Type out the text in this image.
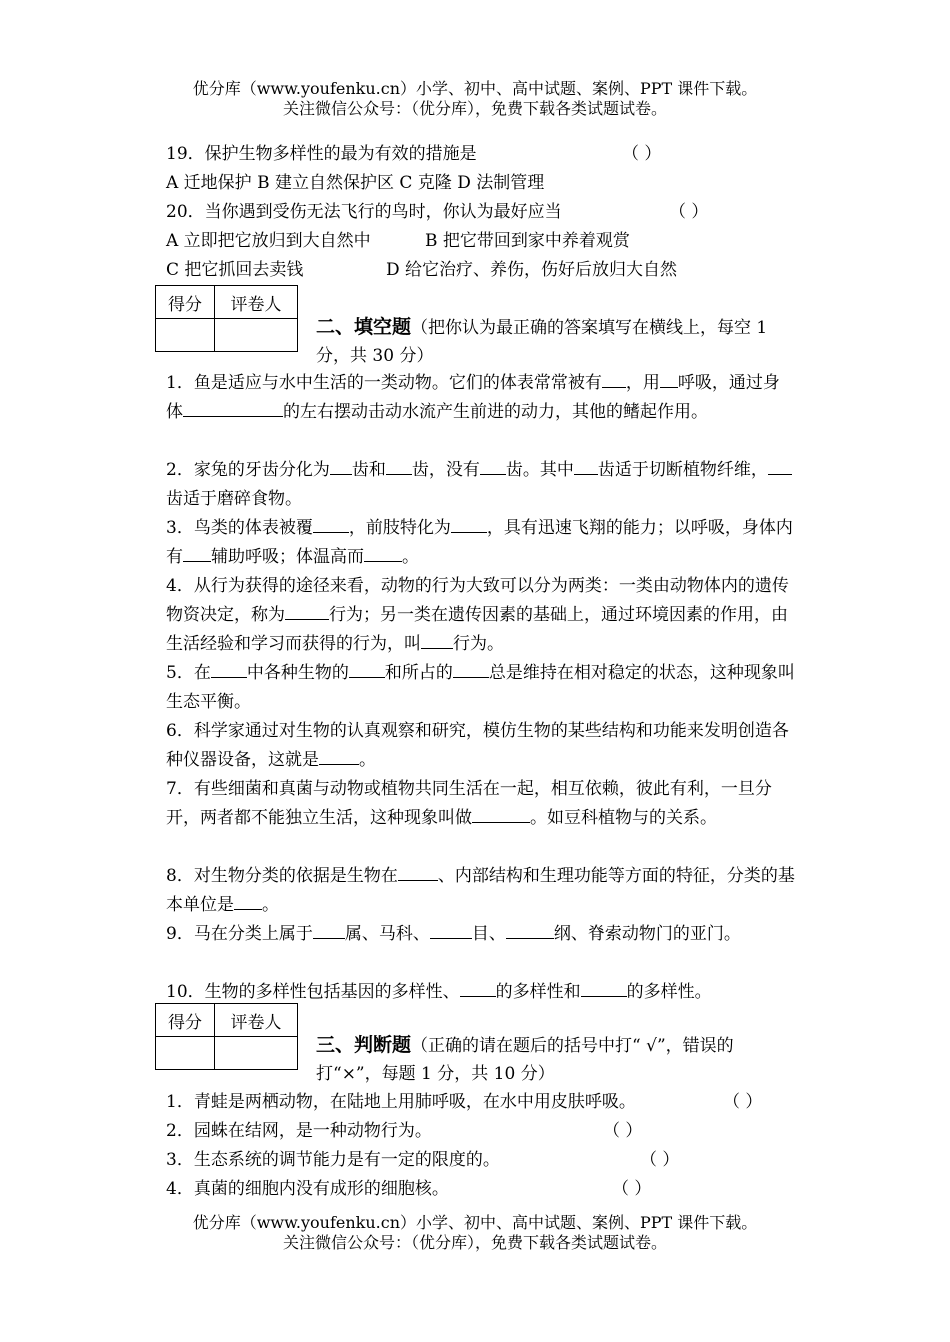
优分库（www.youfenku.cn）小学、初中、高中试题、案例、PPT 课件下载。
关注微信公众号：（优分库），免费下载各类试题试卷。
19．保护生物多样性的最为有效的措施是	（ ）
A 迁地保护 B 建立自然保护区 C 克隆 D 法制管理
20．当你遇到受伤无法飞行的鸟时，你认为最好应当	（ ）
A 立即把它放归到大自然中	B 把它带回到家中养着观赏
C 把它抓回去卖钱	D 给它治疗、养伤，伤好后放归大自然
得分	评卷人

二、填空题（把你认为最正确的答案填写在横线上，每空 1 分，共 30 分）
1．鱼是适应与水中生活的一类动物。它们的体表常常被有 ，用 呼吸，通过身体	的左右摆动击动水流产生前进的动力，其他的鳍起作用。
2．家兔的牙齿分化为 齿和 齿，没有 齿。其中 齿适于切断植物纤维，齿适于磨碎食物。
3．鸟类的体表被覆 ，前肢特化为 ，具有迅速飞翔的能力；以呼吸，身体内有 辅助呼吸；体温高而 。
4．从行为获得的途径来看，动物的行为大致可以分为两类：一类由动物体内的遗传物资决定，称为	行为；另一类在遗传因素的基础上，通过环境因素的作用，由生活经验和学习而获得的行为，叫 行为。
5．在 中各种生物的 和所占的 总是维持在相对稳定的状态，这种现象叫生态平衡。
6．科学家通过对生物的认真观察和研究，模仿生物的某些结构和功能来发明创造各种仪器设备，这就是 。
7．有些细菌和真菌与动物或植物共同生活在一起，相互依赖，彼此有利，一旦分开，两者都不能独立生活，这种现象叫做	。如豆科植物与的关系。
8．对生物分类的依据是生物在 、内部结构和生理功能等方面的特征，分类的基本单位是 。
9．马在分类上属于 属、马科、 目、	纲、脊索动物门的亚门。
10．生物的多样性包括基因的多样性、 的多样性和	的多样性。
得分	评卷人

三、判断题（正确的请在题后的括号中打“ √”，错误的打“×”，每题 1 分，共 10 分）
1．青蛙是两栖动物，在陆地上用肺呼吸，在水中用皮肤呼吸。	（ ）
2．园蛛在结网，是一种动物行为。	（ ）
3．生态系统的调节能力是有一定的限度的。	（ ）
4．真菌的细胞内没有成形的细胞核。	（ ）
优分库（www.youfenku.cn）小学、初中、高中试题、案例、PPT 课件下载。
关注微信公众号：（优分库），免费下载各类试题试卷。
